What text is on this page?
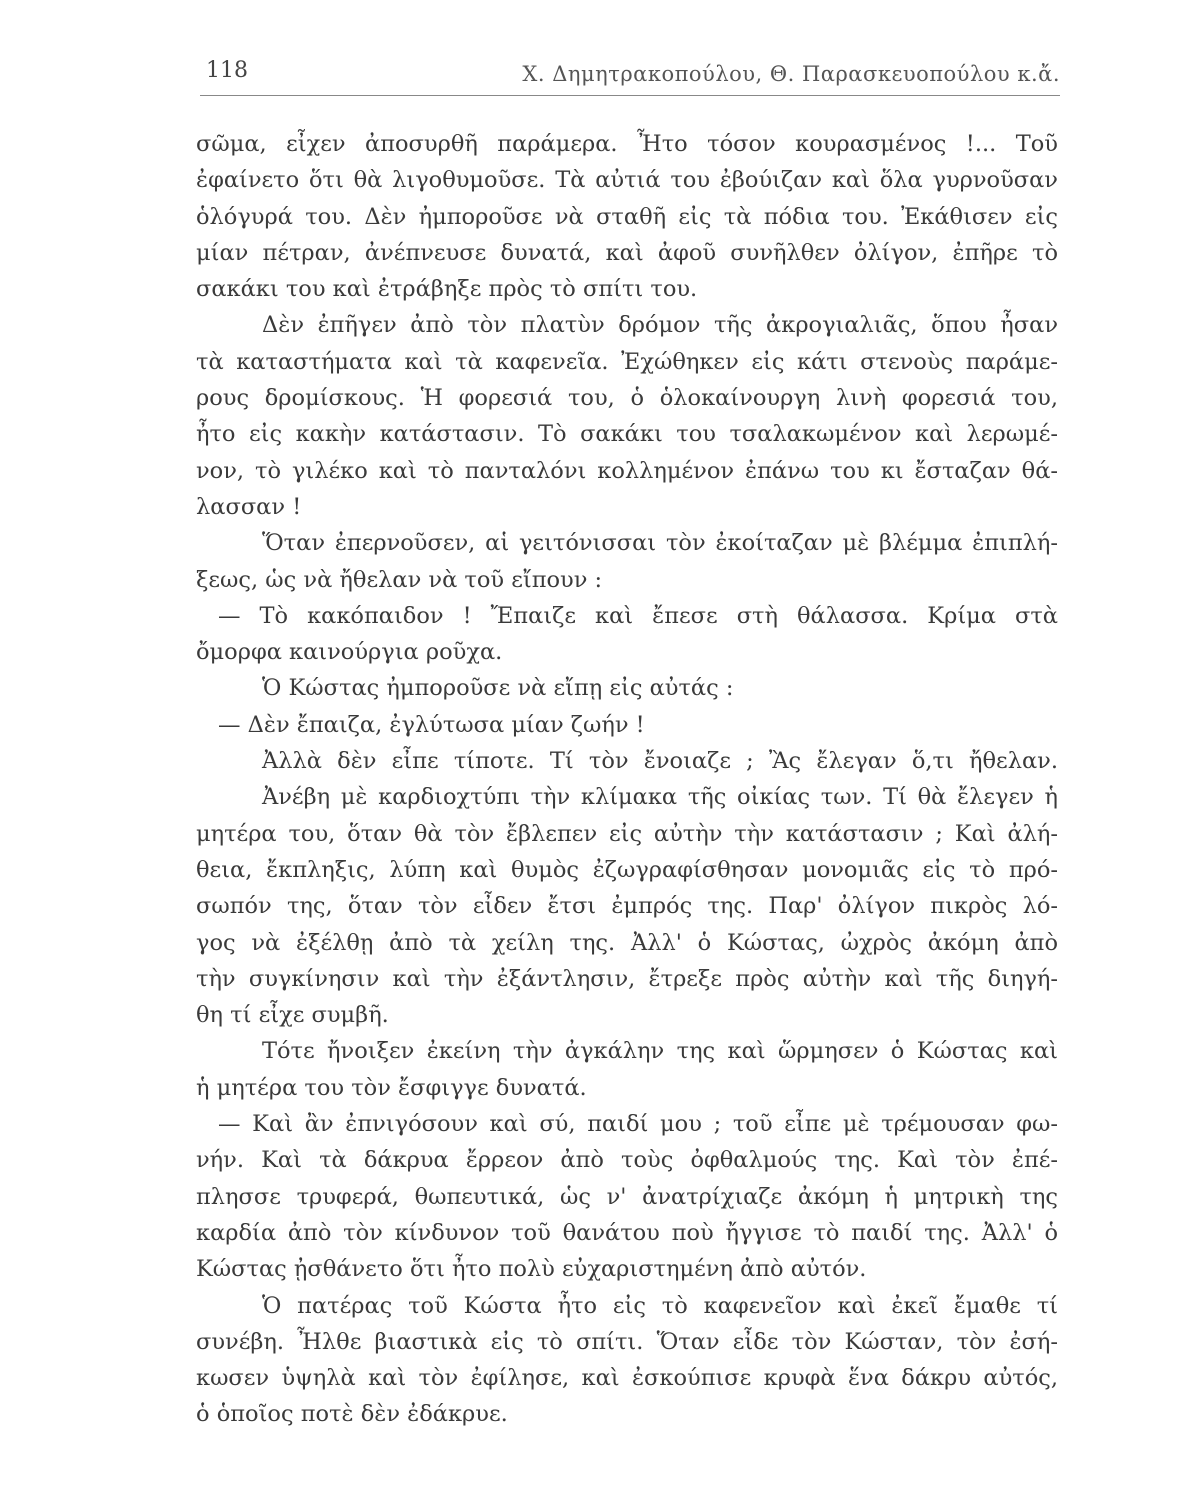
118	Χ. Δημητρακοπούλου, Θ. Παρασκευοπούλου κ.ἄ.
σῶμα, εἶχεν ἀποσυρθῆ παράμερα. Ἦτο τόσον κουρασμένος !... Τοῦ
ἐφαίνετο ὅτι θὰ λιγοθυμοῦσε. Τὰ αὐτιά του ἐβούιζαν καὶ ὅλα γυρνοῦσαν
ὁλόγυρά του. Δὲν ἠμποροῦσε νὰ σταθῆ εἰς τὰ πόδια του. Ἐκάθισεν εἰς
μίαν πέτραν, ἀνέπνευσε δυνατά, καὶ ἀφοῦ συνῆλθεν ὀλίγον, ἐπῆρε τὸ
σακάκι του καὶ ἐτράβηξε πρὸς τὸ σπίτι του.
Δὲν ἐπῆγεν ἀπὸ τὸν πλατὺν δρόμον τῆς ἀκρογιαλιᾶς, ὅπου ἦσαν
τὰ καταστήματα καὶ τὰ καφενεῖα. Ἐχώθηκεν εἰς κάτι στενοὺς παράμε-
ρους δρομίσκους. Ἡ φορεσιά του, ὁ ὁλοκαίνουργη λινὴ φορεσιά του,
ἦτο εἰς κακὴν κατάστασιν. Τὸ σακάκι του τσαλακωμένον καὶ λερωμέ-
νον, τὸ γιλέκο καὶ τὸ πανταλόνι κολλημένον ἐπάνω του κι ἔσταζαν θά-
λασσαν !
Ὅταν ἐπερνοῦσεν, αἱ γειτόνισσαι τὸν ἐκοίταζαν μὲ βλέμμα ἐπιπλή-
ξεως, ὡς νὰ ἤθελαν νὰ τοῦ εἴπουν :
— Τὸ κακόπαιδον ! Ἔπαιζε καὶ ἔπεσε στὴ θάλασσα. Κρίμα στὰ
ὄμορφα καινούργια ροῦχα.
Ὁ Κώστας ἠμποροῦσε νὰ εἴπῃ εἰς αὐτάς :
— Δὲν ἔπαιζα, ἐγλύτωσα μίαν ζωήν !
Ἀλλὰ δὲν εἶπε τίποτε. Τί τὸν ἔνοιαζε ; Ἂς ἔλεγαν ὅ,τι ἤθελαν.
Ἀνέβη μὲ καρδιοχτύπι τὴν κλίμακα τῆς οἰκίας των. Τί θὰ ἔλεγεν ἡ
μητέρα του, ὅταν θὰ τὸν ἔβλεπεν εἰς αὐτὴν τὴν κατάστασιν ; Καὶ ἀλή-
θεια, ἔκπληξις, λύπη καὶ θυμὸς ἐζωγραφίσθησαν μονομιᾶς εἰς τὸ πρό-
σωπόν της, ὅταν τὸν εἶδεν ἔτσι ἐμπρός της. Παρ' ὀλίγον πικρὸς λό-
γος νὰ ἐξέλθῃ ἀπὸ τὰ χείλη της. Ἀλλ' ὁ Κώστας, ὠχρὸς ἀκόμη ἀπὸ
τὴν συγκίνησιν καὶ τὴν ἐξάντλησιν, ἔτρεξε πρὸς αὐτὴν καὶ τῆς διηγή-
θη τί εἶχε συμβῆ.
Τότε ἤνοιξεν ἐκείνη τὴν ἀγκάλην της καὶ ὥρμησεν ὁ Κώστας καὶ
ἡ μητέρα του τὸν ἔσφιγγε δυνατά.
— Καὶ ἂν ἐπνιγόσουν καὶ σύ, παιδί μου ; τοῦ εἶπε μὲ τρέμουσαν φω-
νήν. Καὶ τὰ δάκρυα ἔρρεον ἀπὸ τοὺς ὀφθαλμούς της. Καὶ τὸν ἐπέ-
πλησσε τρυφερά, θωπευτικά, ὡς ν' ἀνατρίχιαζε ἀκόμη ἡ μητρικὴ της
καρδία ἀπὸ τὸν κίνδυνον τοῦ θανάτου ποὺ ἤγγισε τὸ παιδί της. Ἀλλ' ὁ
Κώστας ᾐσθάνετο ὅτι ἦτο πολὺ εὐχαριστημένη ἀπὸ αὐτόν.
Ὁ πατέρας τοῦ Κώστα ἦτο εἰς τὸ καφενεῖον καὶ ἐκεῖ ἔμαθε τί
συνέβη. Ἦλθε βιαστικὰ εἰς τὸ σπίτι. Ὅταν εἶδε τὸν Κώσταν, τὸν ἐσή-
κωσεν ὑψηλὰ καὶ τὸν ἐφίλησε, καὶ ἐσκούπισε κρυφὰ ἕνα δάκρυ αὐτός,
ὁ ὁποῖος ποτὲ δὲν ἐδάκρυε.
